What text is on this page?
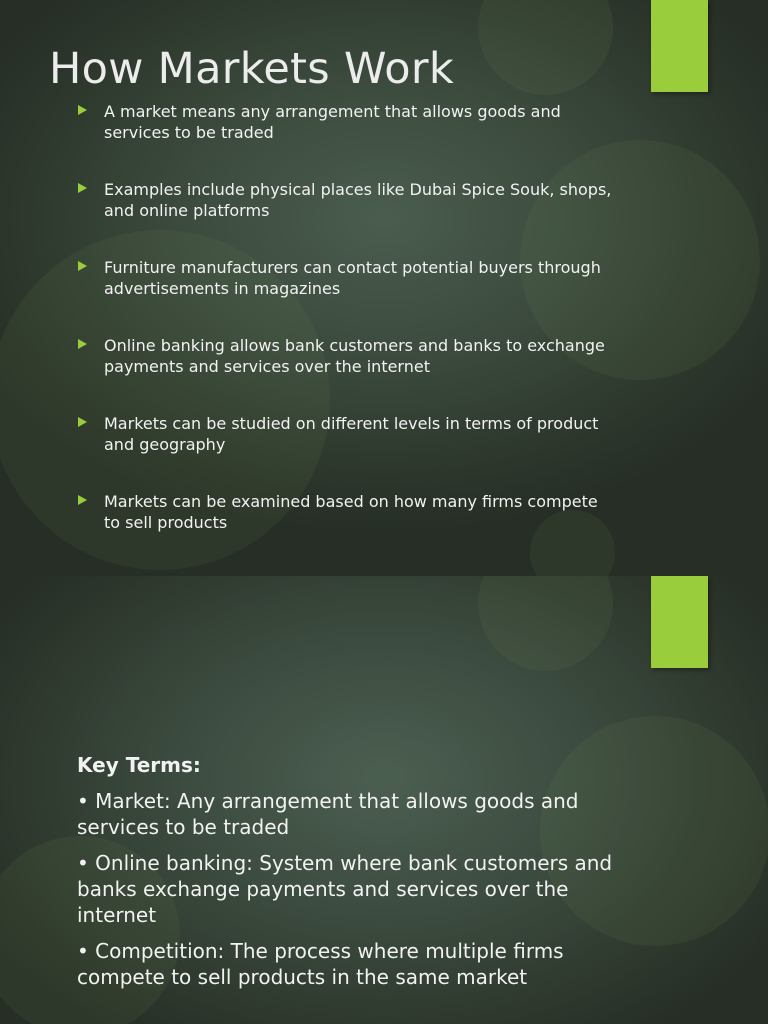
How Markets Work
A market means any arrangement that allows goods and services to be traded
Examples include physical places like Dubai Spice Souk, shops, and online platforms
Furniture manufacturers can contact potential buyers through advertisements in magazines
Online banking allows bank customers and banks to exchange payments and services over the internet
Markets can be studied on different levels in terms of product and geography
Markets can be examined based on how many firms compete to sell products

Key Terms:

• Market: Any arrangement that allows goods and services to be traded

• Online banking: System where bank customers and banks exchange payments and services over the internet

• Competition: The process where multiple firms compete to sell products in the same market
